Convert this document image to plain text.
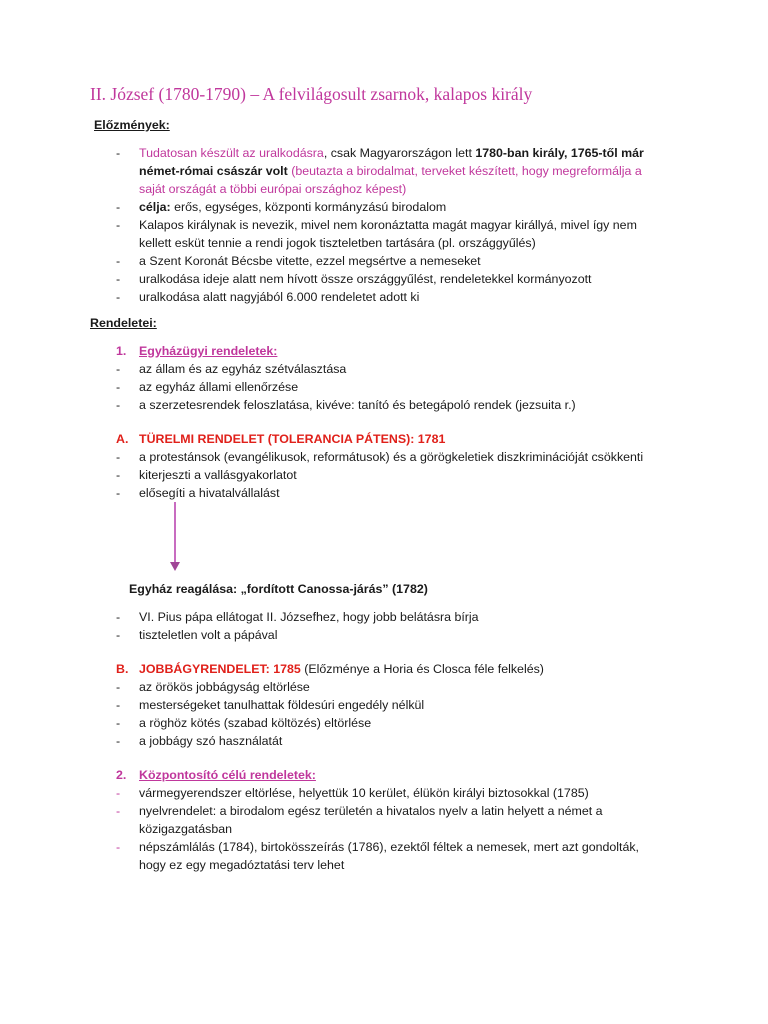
II. József (1780-1790) – A felvilágosult zsarnok, kalapos király
Előzmények:
- Tudatosan készült az uralkodásra, csak Magyarországon lett 1780-ban király, 1765-től már
német-római császár volt (beutazta a birodalmat, terveket készített, hogy megreformálja a
saját országát a többi európai országhoz képest)
- célja: erős, egységes, központi kormányzású birodalom
- Kalapos királynak is nevezik, mivel nem koronáztatta magát magyar királlyá, mivel így nem
kellett esküt tennie a rendi jogok tiszteletben tartására (pl. országgyűlés)
- a Szent Koronát Bécsbe vitette, ezzel megsértve a nemeseket
- uralkodása ideje alatt nem hívott össze országgyűlést, rendeletekkel kormányozott
- uralkodása alatt nagyjából 6.000 rendeletet adott ki
Rendeletei:
1. Egyházügyi rendeletek:
- az állam és az egyház szétválasztása
- az egyház állami ellenőrzése
- a szerzetesrendek feloszlatása, kivéve: tanító és betegápoló rendek (jezsuita r.)
A. TÜRELMI RENDELET (TOLERANCIA PÁTENS): 1781
- a protestánsok (evangélikusok, reformátusok) és a görögkeletiek diszkriminációját csökkenti
- kiterjeszti a vallásgyakorlatot
- elősegíti a hivatalvállalást
Egyház reagálása: „fordított Canossa-járás” (1782)
- VI. Pius pápa ellátogat II. Józsefhez, hogy jobb belátásra bírja
- tiszteletlen volt a pápával
B. JOBBÁGYRENDELET: 1785 (Előzménye a Horia és Closca féle felkelés)
- az örökös jobbágyság eltörlése
- mesterségeket tanulhattak földesúri engedély nélkül
- a röghöz kötés (szabad költözés) eltörlése
- a jobbágy szó használatát
2. Központosító célú rendeletek:
- vármegyerendszer eltörlése, helyettük 10 kerület, élükön királyi biztosokkal (1785)
- nyelvrendelet: a birodalom egész területén a hivatalos nyelv a latin helyett a német a
közigazgatásban
- népszámlálás (1784), birtokösszeírás (1786), ezektől féltek a nemesek, mert azt gondolták,
hogy ez egy megadóztatási terv lehet
